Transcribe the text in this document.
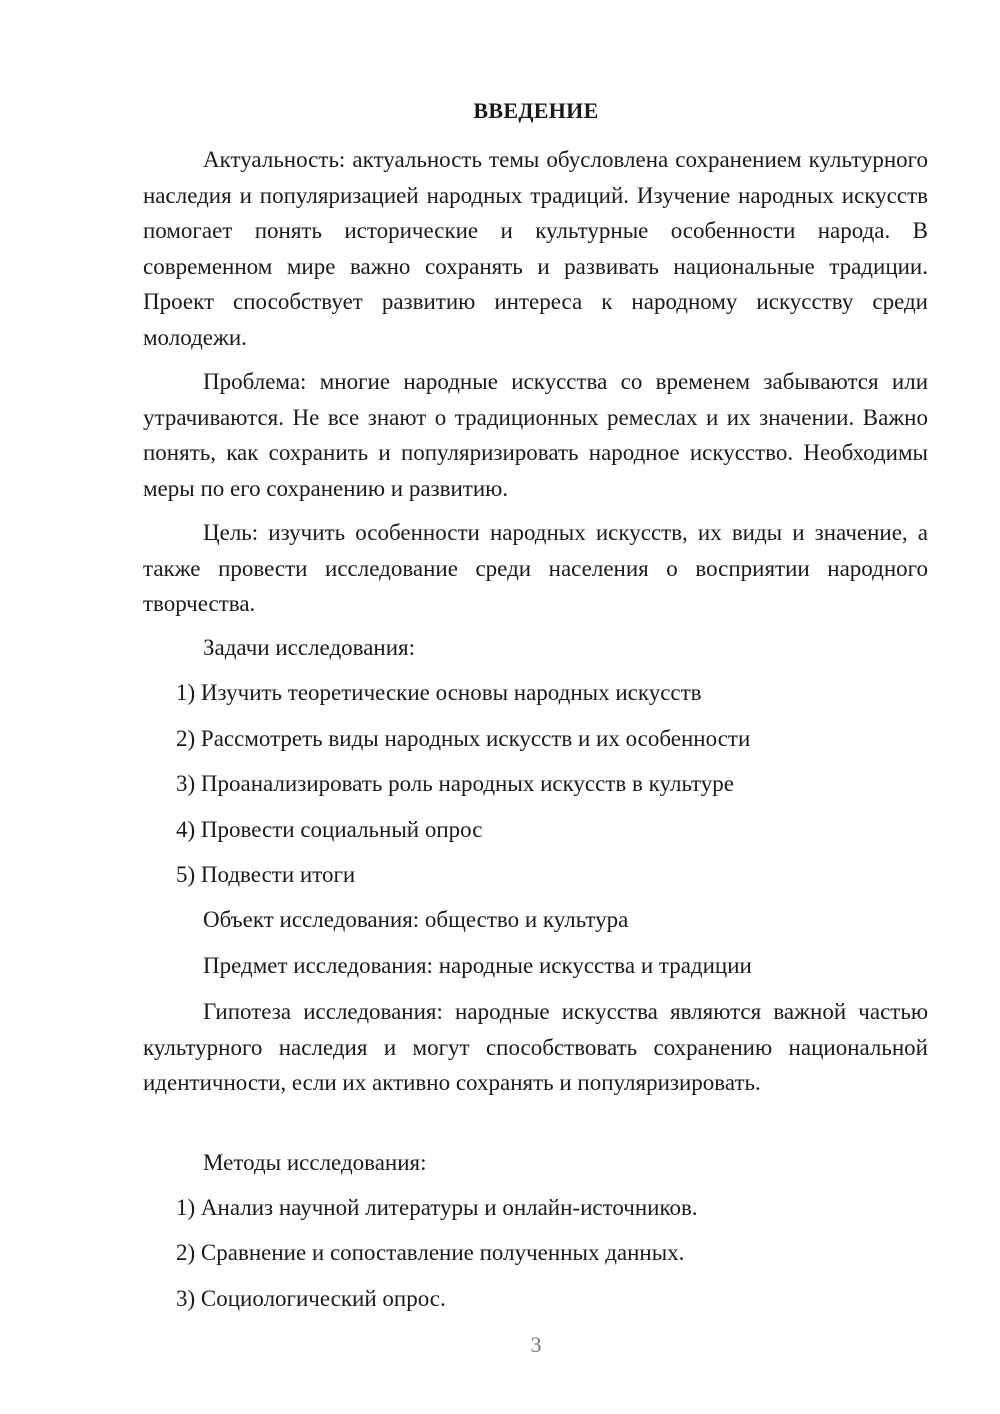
ВВЕДЕНИЕ

Актуальность: актуальность темы обусловлена сохранением культурного наследия и популяризацией народных традиций. Изучение народных искусств помогает понять исторические и культурные особенности народа. В современном мире важно сохранять и развивать национальные традиции. Проект способствует развитию интереса к народному искусству среди молодежи.

Проблема: многие народные искусства со временем забываются или утрачиваются. Не все знают о традиционных ремеслах и их значении. Важно понять, как сохранить и популяризировать народное искусство. Необходимы меры по его сохранению и развитию.

Цель: изучить особенности народных искусств, их виды и значение, а также провести исследование среди населения о восприятии народного творчества.

Задачи исследования:

1) Изучить теоретические основы народных искусств

2) Рассмотреть виды народных искусств и их особенности

3) Проанализировать роль народных искусств в культуре

4) Провести социальный опрос

5) Подвести итоги

Объект исследования: общество и культура

Предмет исследования: народные искусства и традиции

Гипотеза исследования: народные искусства являются важной частью культурного наследия и могут способствовать сохранению национальной идентичности, если их активно сохранять и популяризировать.

Методы исследования:

1) Анализ научной литературы и онлайн-источников.

2) Сравнение и сопоставление полученных данных.

3) Социологический опрос.

3
